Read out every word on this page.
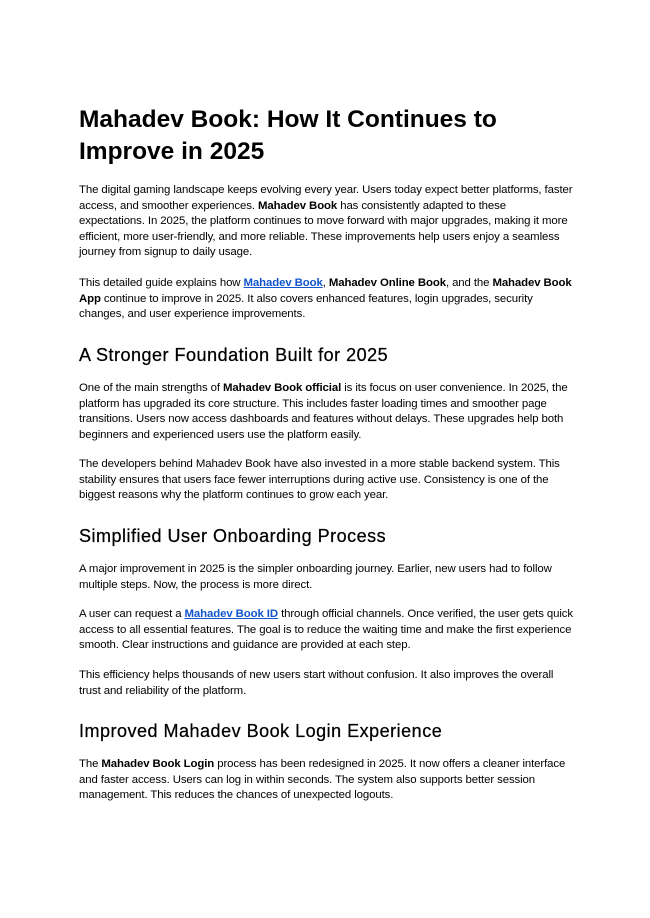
Mahadev Book: How It Continues to Improve in 2025

The digital gaming landscape keeps evolving every year. Users today expect better platforms, faster access, and smoother experiences. Mahadev Book has consistently adapted to these expectations. In 2025, the platform continues to move forward with major upgrades, making it more efficient, more user-friendly, and more reliable. These improvements help users enjoy a seamless journey from signup to daily usage.

This detailed guide explains how Mahadev Book, Mahadev Online Book, and the Mahadev Book App continue to improve in 2025. It also covers enhanced features, login upgrades, security changes, and user experience improvements.

A Stronger Foundation Built for 2025

One of the main strengths of Mahadev Book official is its focus on user convenience. In 2025, the platform has upgraded its core structure. This includes faster loading times and smoother page transitions. Users now access dashboards and features without delays. These upgrades help both beginners and experienced users use the platform easily.

The developers behind Mahadev Book have also invested in a more stable backend system. This stability ensures that users face fewer interruptions during active use. Consistency is one of the biggest reasons why the platform continues to grow each year.

Simplified User Onboarding Process

A major improvement in 2025 is the simpler onboarding journey. Earlier, new users had to follow multiple steps. Now, the process is more direct.

A user can request a Mahadev Book ID through official channels. Once verified, the user gets quick access to all essential features. The goal is to reduce the waiting time and make the first experience smooth. Clear instructions and guidance are provided at each step.

This efficiency helps thousands of new users start without confusion. It also improves the overall trust and reliability of the platform.

Improved Mahadev Book Login Experience

The Mahadev Book Login process has been redesigned in 2025. It now offers a cleaner interface and faster access. Users can log in within seconds. The system also supports better session management. This reduces the chances of unexpected logouts.
